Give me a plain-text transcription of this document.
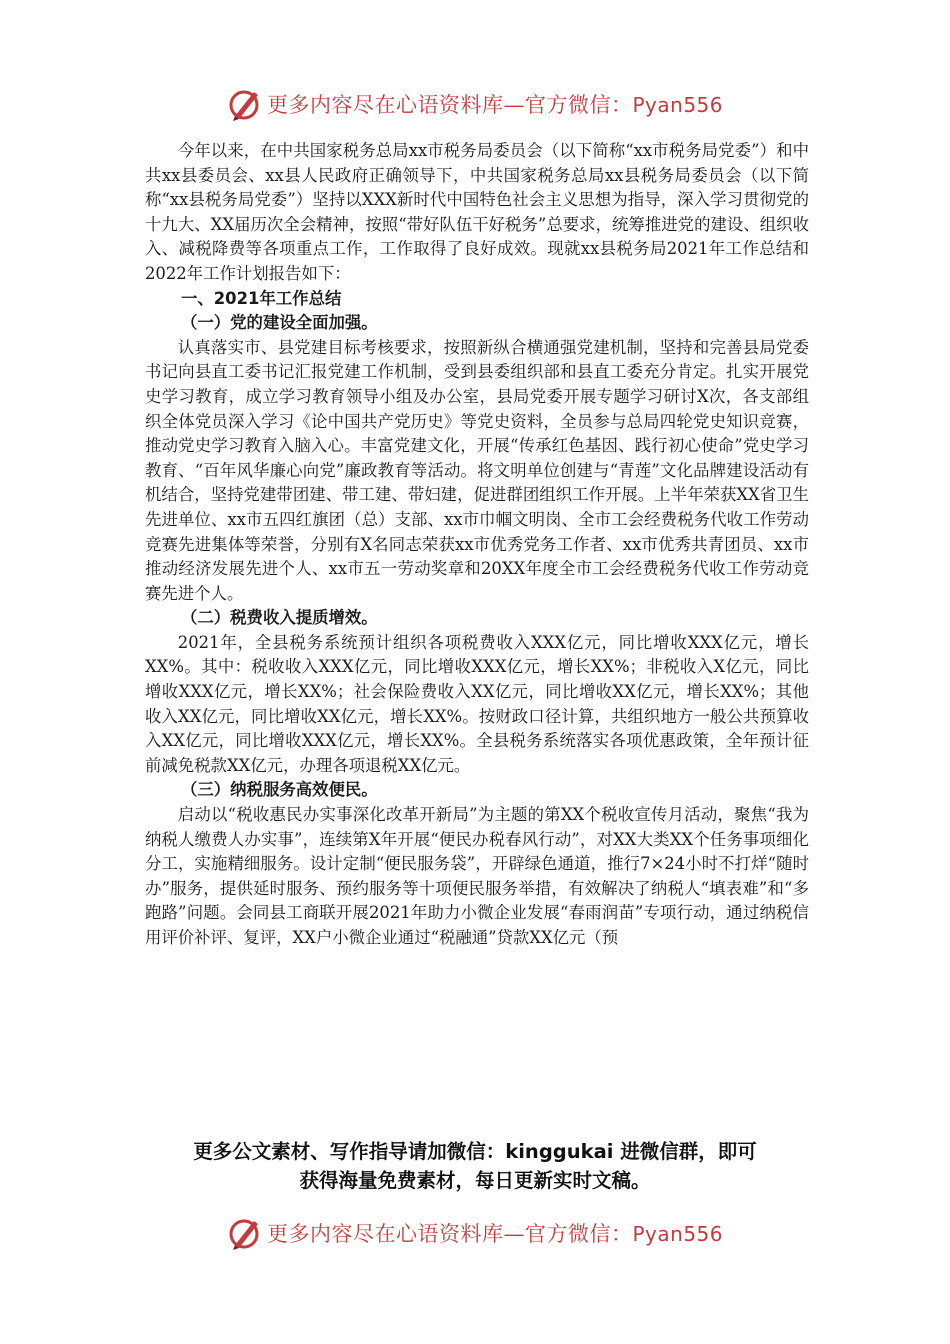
更多内容尽在心语资料库—官方微信：Pyan556

今年以来，在中共国家税务总局xx市税务局委员会（以下简称“xx市税务局党委”）和中共xx县委员会、xx县人民政府正确领导下，中共国家税务总局xx县税务局委员会（以下简称“xx县税务局党委”）坚持以XXX新时代中国特色社会主义思想为指导，深入学习贯彻党的十九大、XX届历次全会精神，按照“带好队伍干好税务”总要求，统筹推进党的建设、组织收入、减税降费等各项重点工作，工作取得了良好成效。现就xx县税务局2021年工作总结和2022年工作计划报告如下：

一、2021年工作总结
（一）党的建设全面加强。

认真落实市、县党建目标考核要求，按照新纵合横通强党建机制，坚持和完善县局党委书记向县直工委书记汇报党建工作机制，受到县委组织部和县直工委充分肯定。扎实开展党史学习教育，成立学习教育领导小组及办公室，县局党委开展专题学习研讨X次，各支部组织全体党员深入学习《论中国共产党历史》等党史资料，全员参与总局四轮党史知识竞赛，推动党史学习教育入脑入心。丰富党建文化，开展“传承红色基因、践行初心使命”党史学习教育、“百年风华廉心向党”廉政教育等活动。将文明单位创建与“青莲”文化品牌建设活动有机结合，坚持党建带团建、带工建、带妇建，促进群团组织工作开展。上半年荣获XX省卫生先进单位、xx市五四红旗团（总）支部、xx市巾帼文明岗、全市工会经费税务代收工作劳动竞赛先进集体等荣誉，分别有X名同志荣获xx市优秀党务工作者、xx市优秀共青团员、xx市推动经济发展先进个人、xx市五一劳动奖章和20XX年度全市工会经费税务代收工作劳动竞赛先进个人。

（二）税费收入提质增效。

2021年，全县税务系统预计组织各项税费收入XXX亿元，同比增收XXX亿元，增长XX%。其中：税收收入XXX亿元，同比增收XXX亿元，增长XX%；非税收入X亿元，同比增收XXX亿元，增长XX%；社会保险费收入XX亿元，同比增收XX亿元，增长XX%；其他收入XX亿元，同比增收XX亿元，增长XX%。按财政口径计算，共组织地方一般公共预算收入XX亿元，同比增收XXX亿元，增长XX%。全县税务系统落实各项优惠政策，全年预计征前减免税款XX亿元，办理各项退税XX亿元。

（三）纳税服务高效便民。

启动以“税收惠民办实事深化改革开新局”为主题的第XX个税收宣传月活动，聚焦“我为纳税人缴费人办实事”，连续第X年开展“便民办税春风行动”，对XX大类XX个任务事项细化分工，实施精细服务。设计定制“便民服务袋”，开辟绿色通道，推行7×24小时不打烊“随时办”服务，提供延时服务、预约服务等十项便民服务举措，有效解决了纳税人“填表难”和“多跑路”问题。会同县工商联开展2021年助力小微企业发展“春雨润苗”专项行动，通过纳税信用评价补评、复评，XX户小微企业通过“税融通”贷款XX亿元（预

更多公文素材、写作指导请加微信：kinggukai 进微信群，即可
获得海量免费素材，每日更新实时文稿。
更多内容尽在心语资料库—官方微信：Pyan556
